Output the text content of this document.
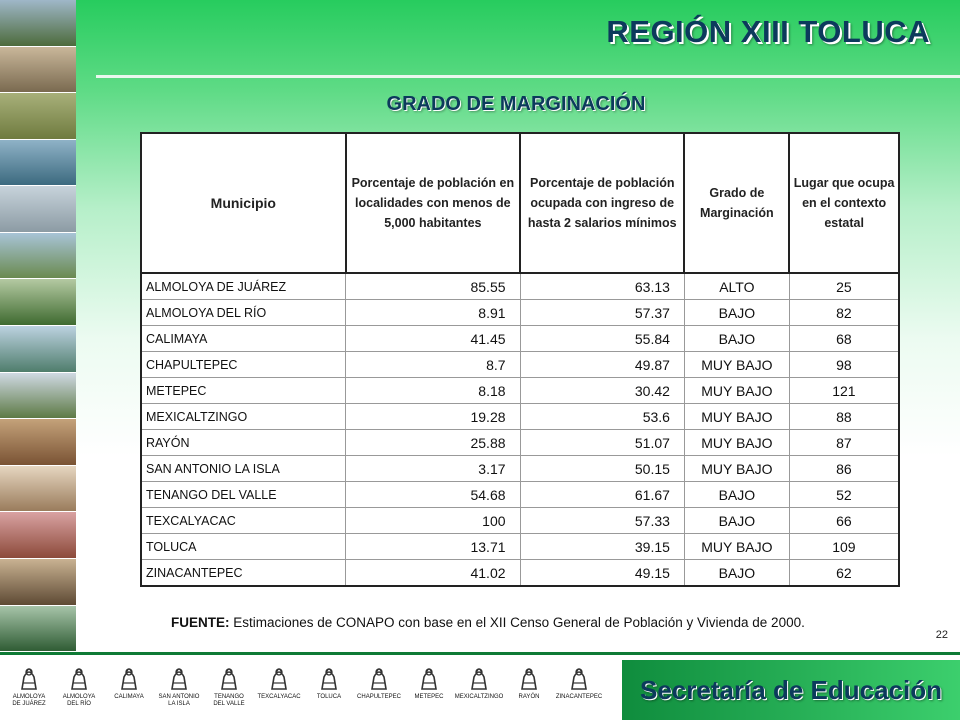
REGIÓN XIII TOLUCA
GRADO DE MARGINACIÓN
Municipio	Porcentaje de población en localidades con menos de 5,000 habitantes	Porcentaje de población ocupada con ingreso de hasta 2 salarios mínimos	Grado de Marginación	Lugar que ocupa en el contexto estatal
ALMOLOYA DE JUÁREZ	85.55	63.13	ALTO	25
ALMOLOYA DEL RÍO	8.91	57.37	BAJO	82
CALIMAYA	41.45	55.84	BAJO	68
CHAPULTEPEC	8.7	49.87	MUY BAJO	98
METEPEC	8.18	30.42	MUY BAJO	121
MEXICALTZINGO	19.28	53.6	MUY BAJO	88
RAYÓN	25.88	51.07	MUY BAJO	87
SAN ANTONIO LA ISLA	3.17	50.15	MUY BAJO	86
TENANGO DEL VALLE	54.68	61.67	BAJO	52
TEXCALYACAC	100	57.33	BAJO	66
TOLUCA	13.71	39.15	MUY BAJO	109
ZINACANTEPEC	41.02	49.15	BAJO	62
FUENTE: Estimaciones de CONAPO con base en el XII Censo General de Población y Vivienda de 2000.
22
ALMOLOYA
DE JUÁREZ
ALMOLOYA
DEL RÍO
CALIMAYA SAN ANTONIO
LA ISLA
TENANGO
DEL VALLE
TEXCALYACAC	TOLUCA	CHAPULTEPEC METEPEC MEXICALTZINGO	RAYÓN	ZINACANTEPEC Secretaría de Educación
